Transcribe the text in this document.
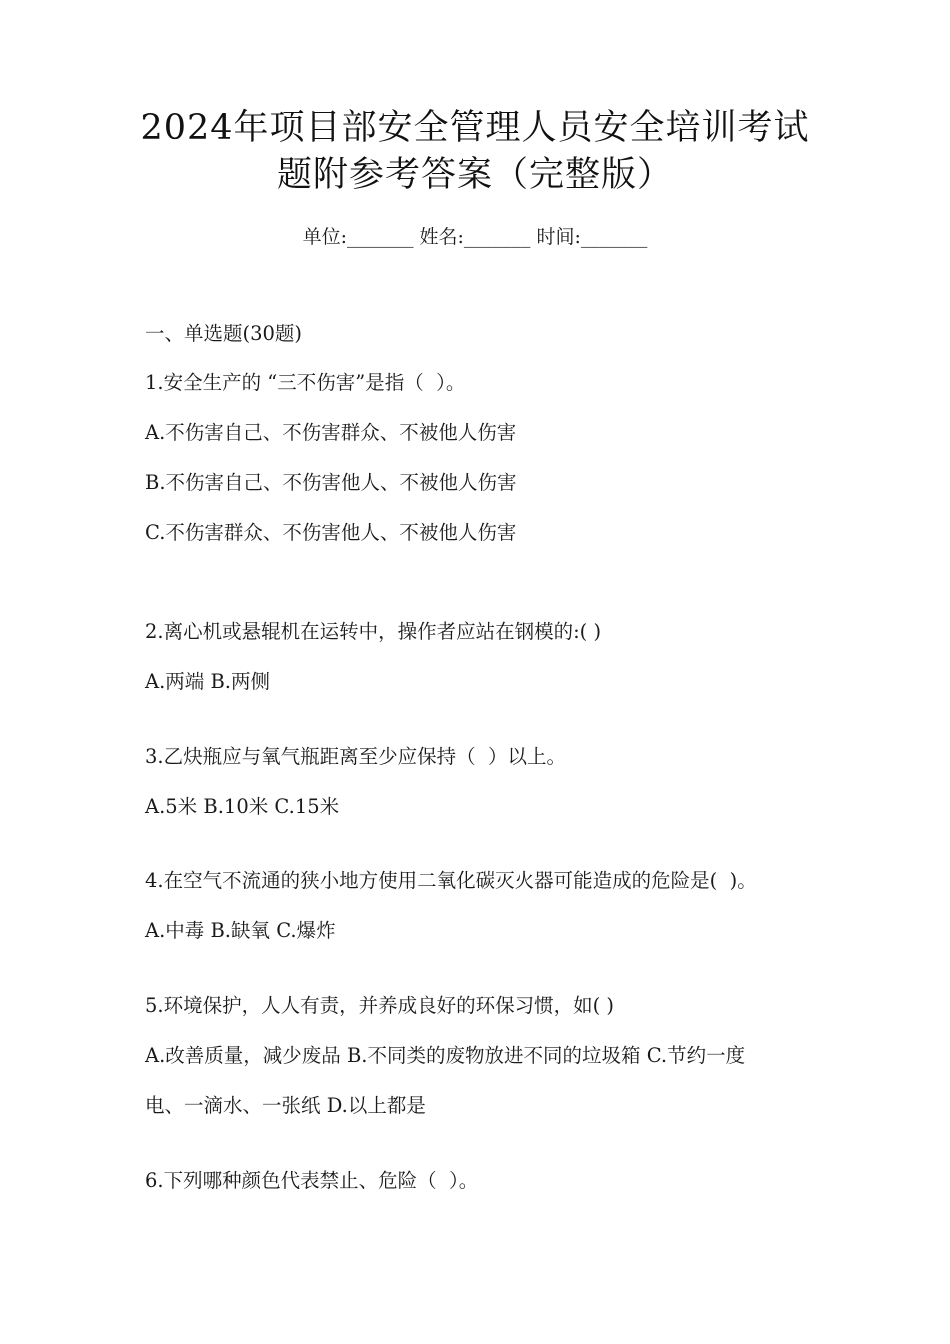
2024年项目部安全管理人员安全培训考试
题附参考答案（完整版）
单位:_______ 姓名:_______ 时间:_______
一、单选题(30题)
1.安全生产的 “三不伤害”是指（  ）。
A.不伤害自己、不伤害群众、不被他人伤害
B.不伤害自己、不伤害他人、不被他人伤害
C.不伤害群众、不伤害他人、不被他人伤害
2.离心机或悬辊机在运转中，操作者应站在钢模的:( )
A.两端 B.两侧
3.乙炔瓶应与氧气瓶距离至少应保持（  ）以上。
A.5米 B.10米 C.15米
4.在空气不流通的狭小地方使用二氧化碳灭火器可能造成的危险是(  )。
A.中毒 B.缺氧 C.爆炸
5.环境保护，人人有责，并养成良好的环保习惯，如( )
A.改善质量，减少废品 B.不同类的废物放进不同的垃圾箱 C.节约一度
电、一滴水、一张纸 D.以上都是
6.下列哪种颜色代表禁止、危险（  ）。
